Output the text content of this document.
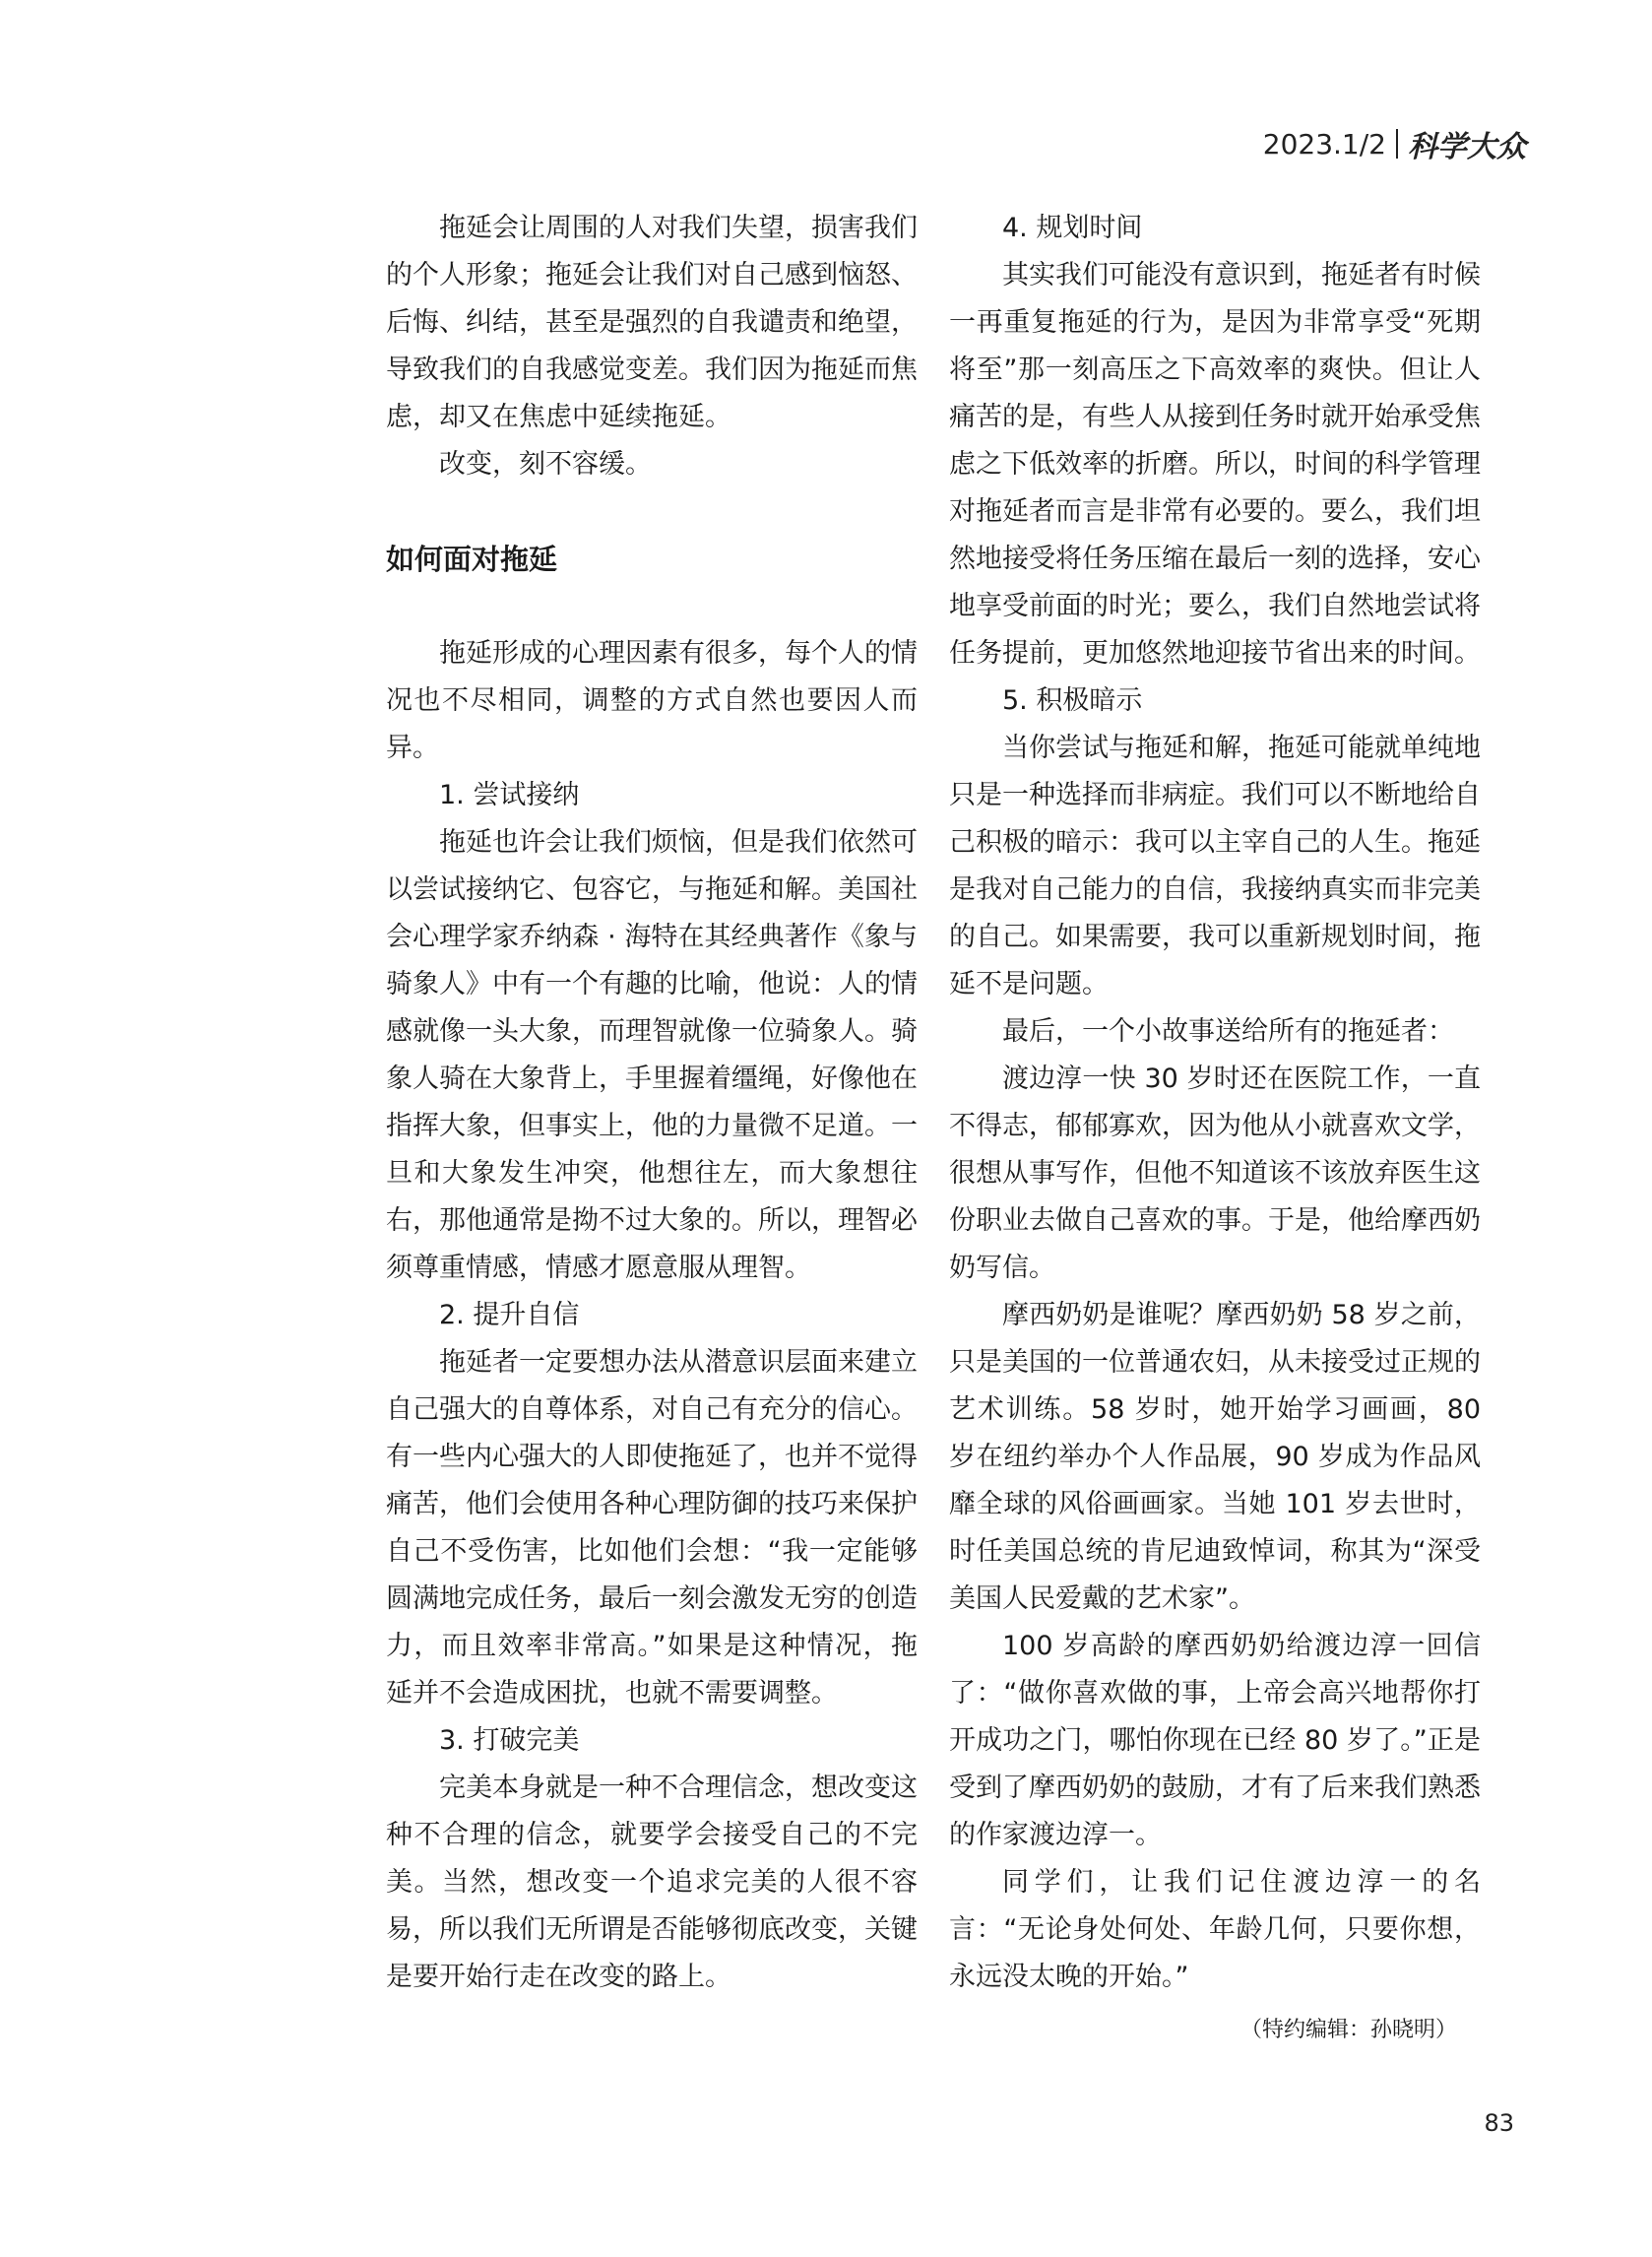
2023.1/2 科学大众

拖延会让周围的人对我们失望，损害我们的个人形象；拖延会让我们对自己感到恼怒、后悔、纠结，甚至是强烈的自我谴责和绝望，导致我们的自我感觉变差。我们因为拖延而焦虑，却又在焦虑中延续拖延。

改变，刻不容缓。

如何面对拖延

拖延形成的心理因素有很多，每个人的情况也不尽相同，调整的方式自然也要因人而异。

1. 尝试接纳

拖延也许会让我们烦恼，但是我们依然可以尝试接纳它、包容它，与拖延和解。美国社会心理学家乔纳森 · 海特在其经典著作《象与骑象人》中有一个有趣的比喻，他说：人的情感就像一头大象，而理智就像一位骑象人。骑象人骑在大象背上，手里握着缰绳，好像他在指挥大象，但事实上，他的力量微不足道。一旦和大象发生冲突，他想往左，而大象想往右，那他通常是拗不过大象的。所以，理智必须尊重情感，情感才愿意服从理智。

2. 提升自信

拖延者一定要想办法从潜意识层面来建立自己强大的自尊体系，对自己有充分的信心。有一些内心强大的人即使拖延了，也并不觉得痛苦，他们会使用各种心理防御的技巧来保护自己不受伤害，比如他们会想：“我一定能够圆满地完成任务，最后一刻会激发无穷的创造力，而且效率非常高。”如果是这种情况，拖延并不会造成困扰，也就不需要调整。

3. 打破完美

完美本身就是一种不合理信念，想改变这种不合理的信念，就要学会接受自己的不完美。当然，想改变一个追求完美的人很不容易，所以我们无所谓是否能够彻底改变，关键是要开始行走在改变的路上。

4. 规划时间

其实我们可能没有意识到，拖延者有时候一再重复拖延的行为，是因为非常享受“死期将至”那一刻高压之下高效率的爽快。但让人痛苦的是，有些人从接到任务时就开始承受焦虑之下低效率的折磨。所以，时间的科学管理对拖延者而言是非常有必要的。要么，我们坦然地接受将任务压缩在最后一刻的选择，安心地享受前面的时光；要么，我们自然地尝试将任务提前，更加悠然地迎接节省出来的时间。

5. 积极暗示

当你尝试与拖延和解，拖延可能就单纯地只是一种选择而非病症。我们可以不断地给自己积极的暗示：我可以主宰自己的人生。拖延是我对自己能力的自信，我接纳真实而非完美的自己。如果需要，我可以重新规划时间，拖延不是问题。

最后，一个小故事送给所有的拖延者：

渡边淳一快 30 岁时还在医院工作，一直不得志，郁郁寡欢，因为他从小就喜欢文学，很想从事写作，但他不知道该不该放弃医生这份职业去做自己喜欢的事。于是，他给摩西奶奶写信。

摩西奶奶是谁呢？摩西奶奶 58 岁之前，只是美国的一位普通农妇，从未接受过正规的艺术训练。58 岁时，她开始学习画画，80 岁在纽约举办个人作品展，90 岁成为作品风靡全球的风俗画画家。当她 101 岁去世时，时任美国总统的肯尼迪致悼词，称其为“深受美国人民爱戴的艺术家”。

100 岁高龄的摩西奶奶给渡边淳一回信了：“做你喜欢做的事，上帝会高兴地帮你打开成功之门，哪怕你现在已经 80 岁了。”正是受到了摩西奶奶的鼓励，才有了后来我们熟悉的作家渡边淳一。

同学们，让我们记住渡边淳一的名言：“无论身处何处、年龄几何，只要你想，永远没太晚的开始。”

（特约编辑：孙晓明）
83
